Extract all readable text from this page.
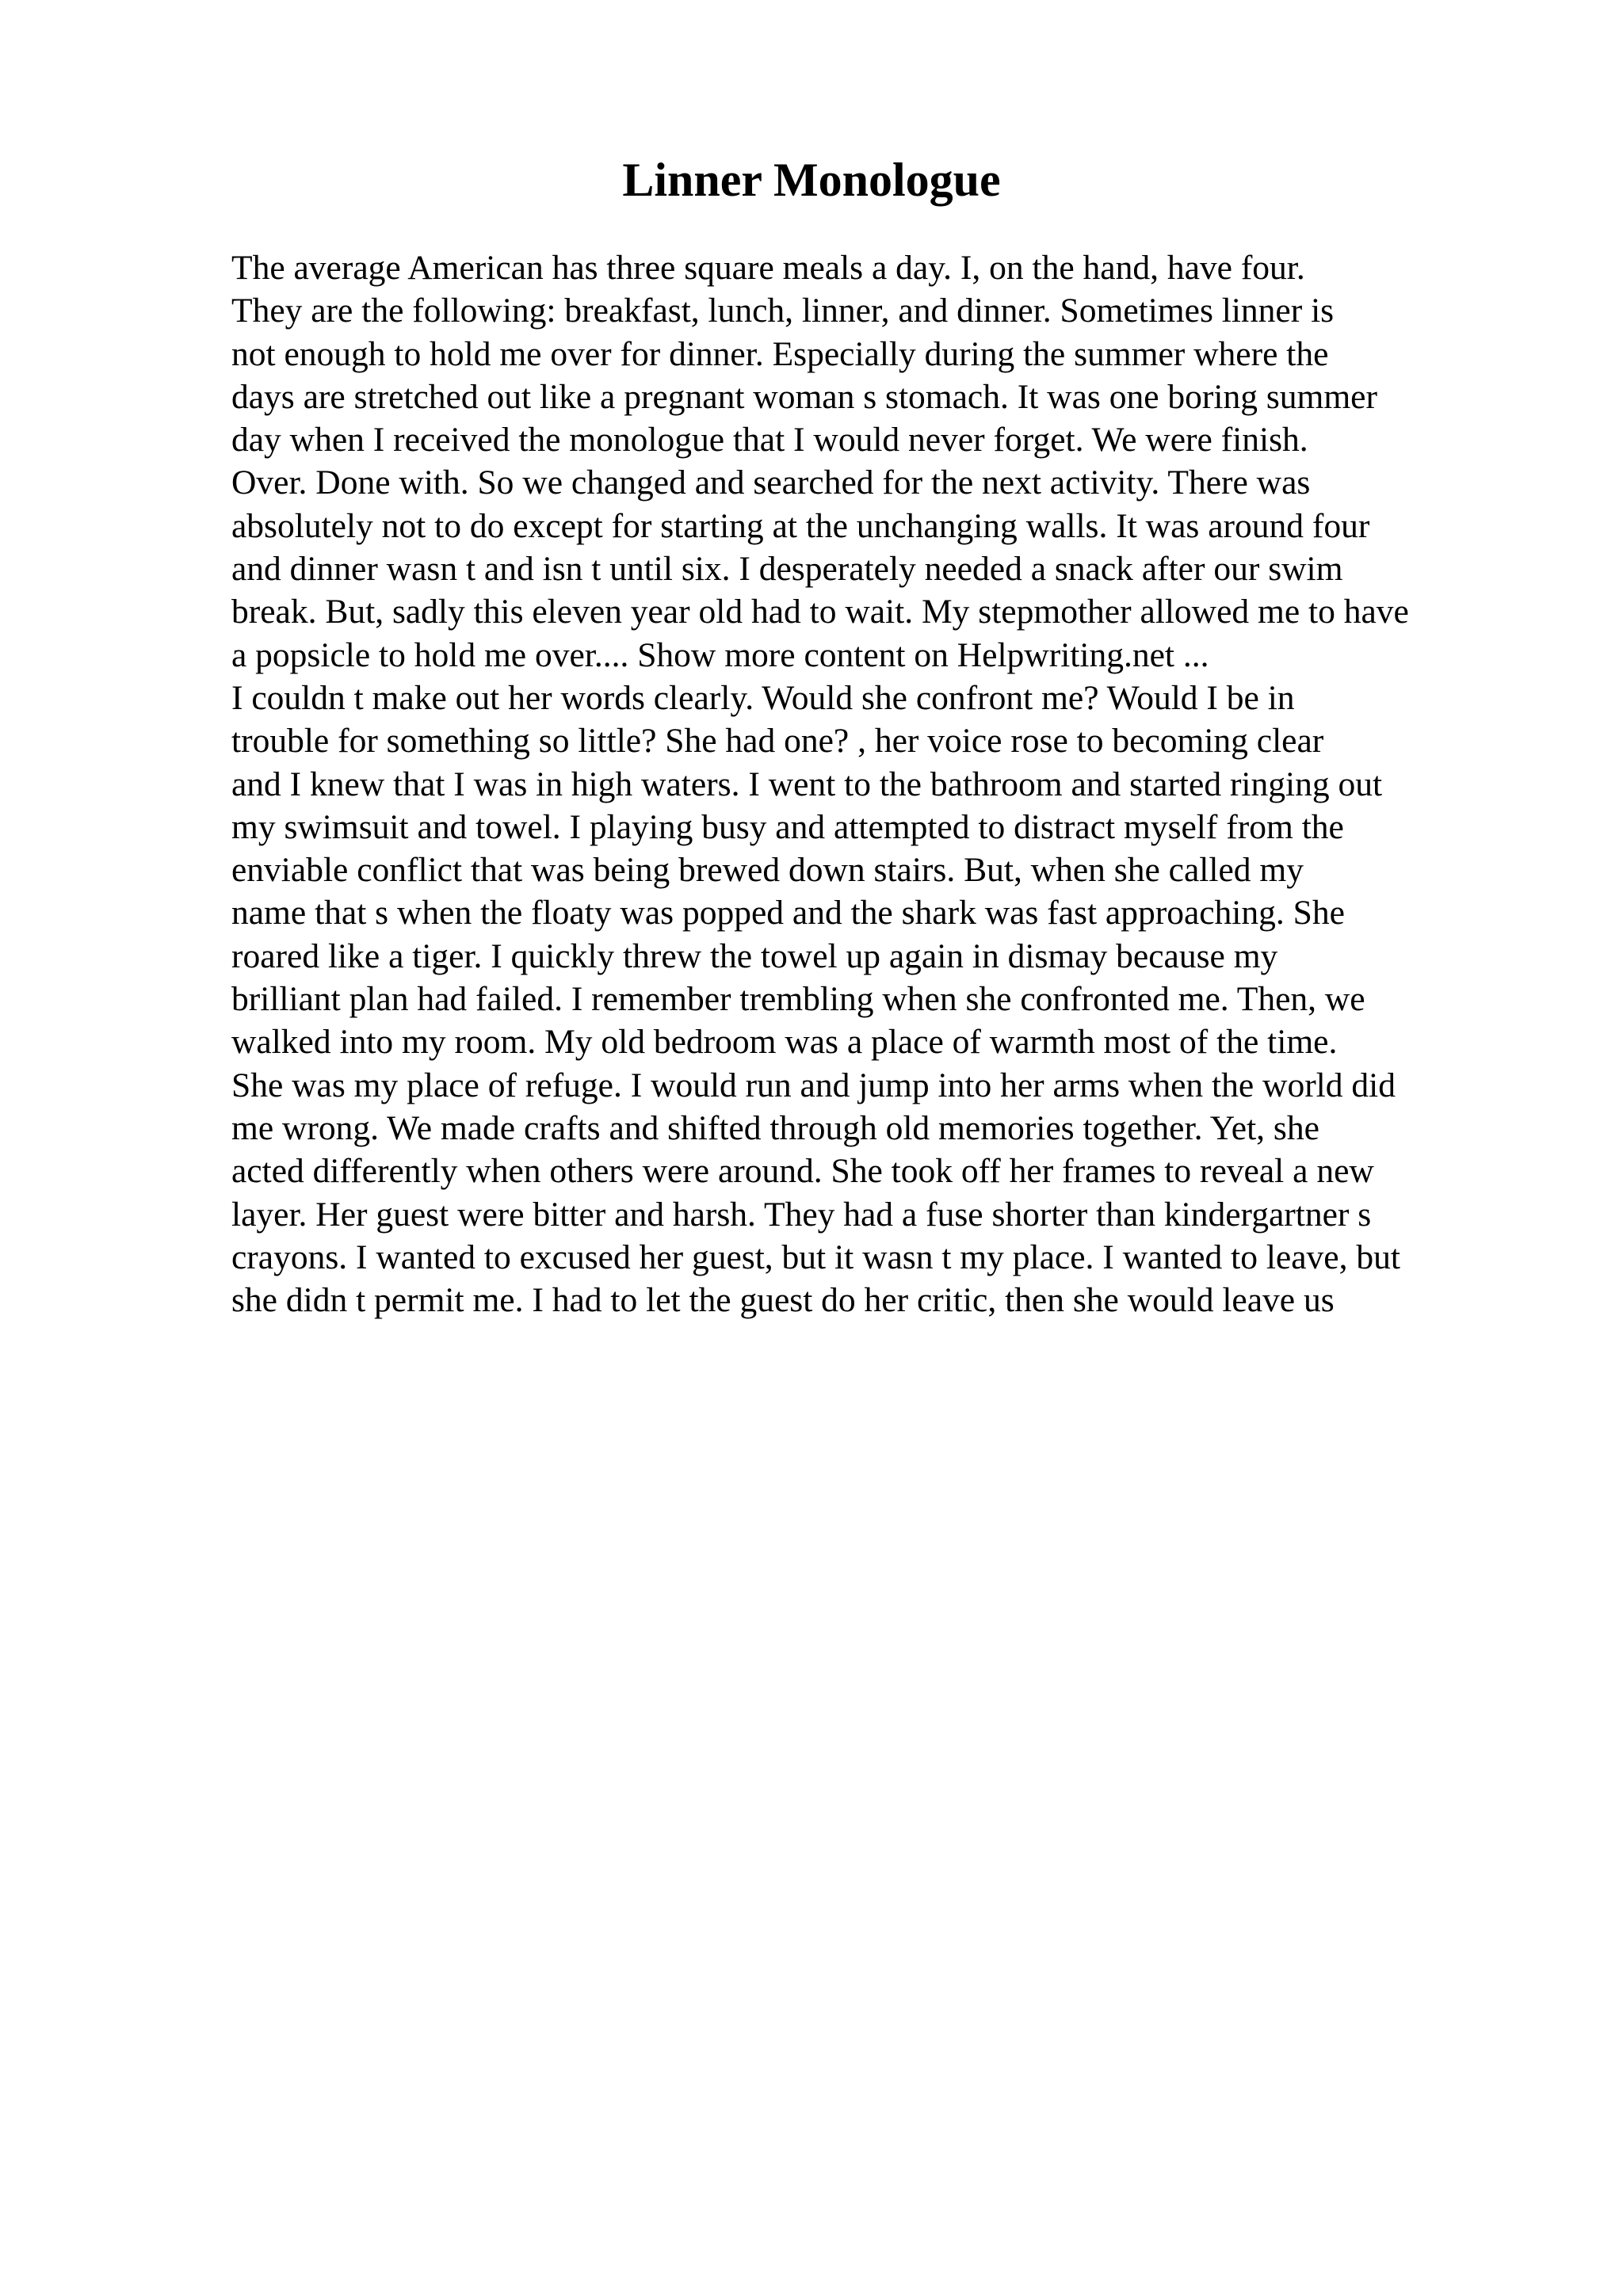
Linner Monologue
The average American has three square meals a day. I, on the hand, have four.
They are the following: breakfast, lunch, linner, and dinner. Sometimes linner is
not enough to hold me over for dinner. Especially during the summer where the
days are stretched out like a pregnant woman s stomach. It was one boring summer
day when I received the monologue that I would never forget. We were finish.
Over. Done with. So we changed and searched for the next activity. There was
absolutely not to do except for starting at the unchanging walls. It was around four
and dinner wasn t and isn t until six. I desperately needed a snack after our swim
break. But, sadly this eleven year old had to wait. My stepmother allowed me to have
a popsicle to hold me over.... Show more content on Helpwriting.net ...
I couldn t make out her words clearly. Would she confront me? Would I be in
trouble for something so little? She had one? , her voice rose to becoming clear
and I knew that I was in high waters. I went to the bathroom and started ringing out
my swimsuit and towel. I playing busy and attempted to distract myself from the
enviable conflict that was being brewed down stairs. But, when she called my
name that s when the floaty was popped and the shark was fast approaching. She
roared like a tiger. I quickly threw the towel up again in dismay because my
brilliant plan had failed. I remember trembling when she confronted me. Then, we
walked into my room. My old bedroom was a place of warmth most of the time.
She was my place of refuge. I would run and jump into her arms when the world did
me wrong. We made crafts and shifted through old memories together. Yet, she
acted differently when others were around. She took off her frames to reveal a new
layer. Her guest were bitter and harsh. They had a fuse shorter than kindergartner s
crayons. I wanted to excused her guest, but it wasn t my place. I wanted to leave, but
she didn t permit me. I had to let the guest do her critic, then she would leave us
